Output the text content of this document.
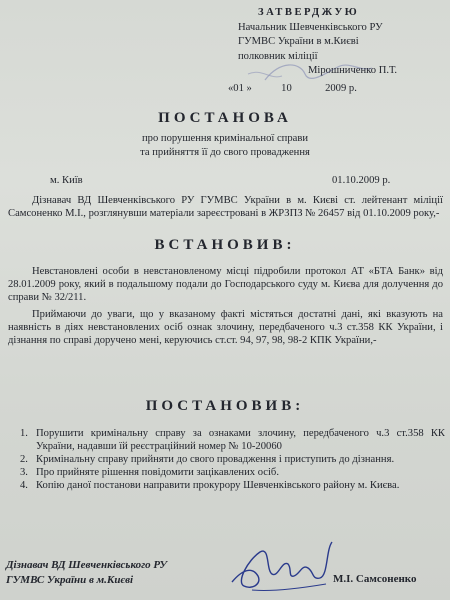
ЗАТВЕРДЖУЮ
Начальник Шевченківського РУ
ГУМВС України в м.Києві
полковник міліції
Мірошниченко П.Т.
«01 »	10	2009 р.
ПОСТАНОВА
про порушення кримінальної справи
та прийняття її до свого провадження
м. Київ	01.10.2009 р.

Дізнавач ВД Шевченківського РУ ГУМВС України в м. Києві ст. лейтенант міліції Самсоненко М.І., розглянувши матеріали зареєстровані в ЖРЗПЗ № 26457 від 01.10.2009 року,-

ВСТАНОВИВ:

Невстановлені особи в невстановленому місці підробили протокол АТ «БТА Банк» від 28.01.2009 року, який в подальшому подали до Господарського суду м. Києва для долучення до справи № 32/211.

Приймаючи до уваги, що у вказаному факті містяться достатні дані, які вказують на наявність в діях невстановлених осіб ознак злочину, передбаченого ч.3 ст.358 КК України, і дізнання по справі доручено мені, керуючись ст.ст. 94, 97, 98, 98-2 КПК України,-

ПОСТАНОВИВ:
1. Порушити кримінальну справу за ознаками злочину, передбаченого ч.3 ст.358 КК України, надавши їй реєстраційний номер № 10-20060
2. Кримінальну справу прийняти до свого провадження і приступить до дізнання.
3. Про прийняте рішення повідомити зацікавлених осіб.
4. Копію даної постанови направити прокурору Шевченківського району м. Києва.
Дізнавач ВД Шевченківського РУ
ГУМВС України в м.Києві	М.І. Самсоненко
